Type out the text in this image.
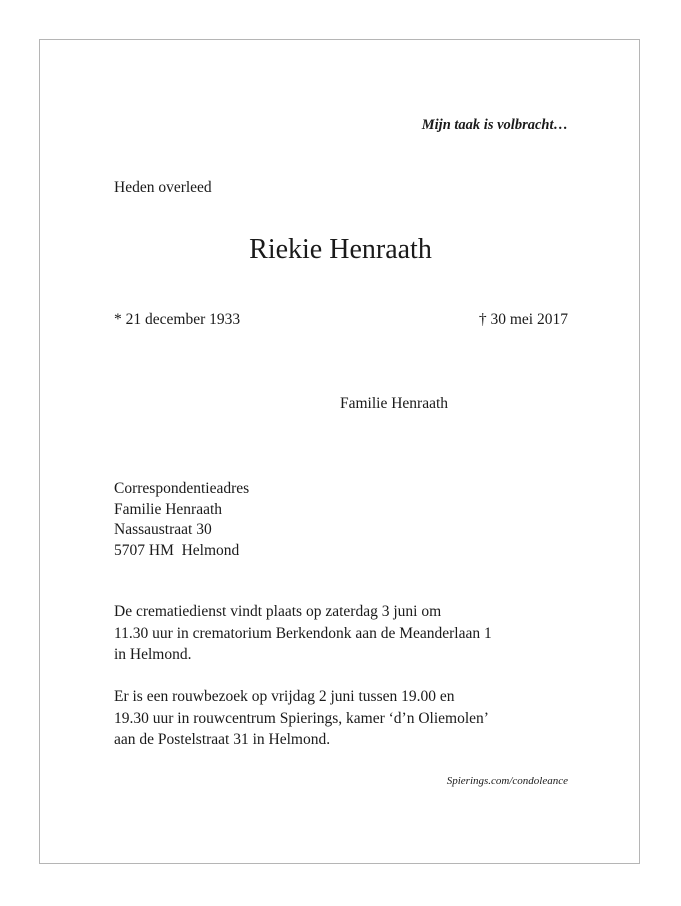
Mijn taak is volbracht…
Heden overleed
Riekie Henraath
* 21 december 1933	† 30 mei 2017
Familie Henraath
Correspondentieadres
Familie Henraath
Nassaustraat 30
5707 HM  Helmond
De crematiedienst vindt plaats op zaterdag 3 juni om
11.30 uur in crematorium Berkendonk aan de Meanderlaan 1
in Helmond.
Er is een rouwbezoek op vrijdag 2 juni tussen 19.00 en
19.30 uur in rouwcentrum Spierings, kamer ‘d’n Oliemolen’
aan de Postelstraat 31 in Helmond.
Spierings.com/condoleance
